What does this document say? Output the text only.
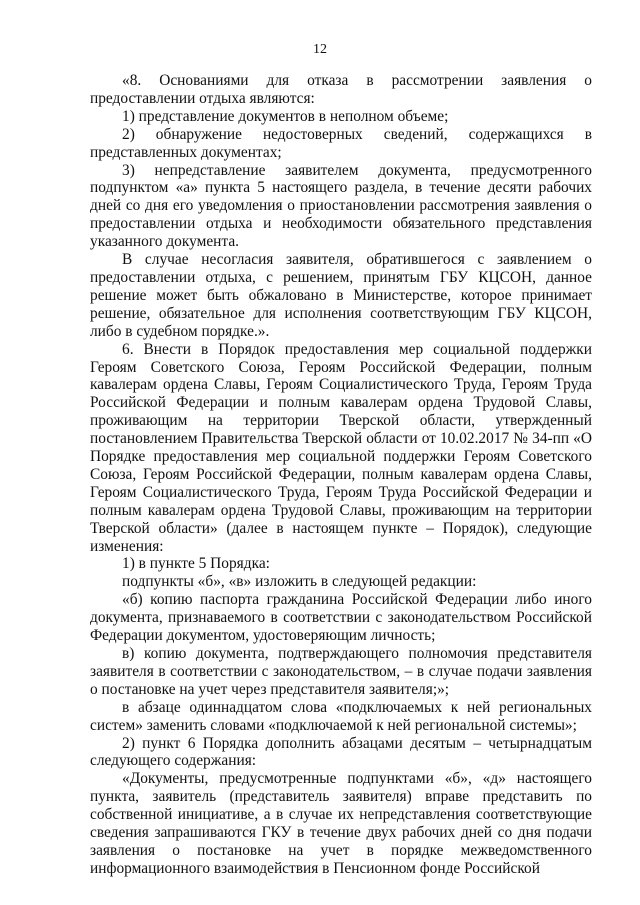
12

«8. Основаниями для отказа в рассмотрении заявления о предоставлении отдыха являются:

1) представление документов в неполном объеме;

2) обнаружение недостоверных сведений, содержащихся в представленных документах;

3) непредставление заявителем документа, предусмотренного подпунктом «а» пункта 5 настоящего раздела, в течение десяти рабочих дней со дня его уведомления о приостановлении рассмотрения заявления о предоставлении отдыха и необходимости обязательного представления указанного документа.

В случае несогласия заявителя, обратившегося с заявлением о предоставлении отдыха, с решением, принятым ГБУ КЦСОН, данное решение может быть обжаловано в Министерстве, которое принимает решение, обязательное для исполнения соответствующим ГБУ КЦСОН, либо в судебном порядке.».

6. Внести в Порядок предоставления мер социальной поддержки Героям Советского Союза, Героям Российской Федерации, полным кавалерам ордена Славы, Героям Социалистического Труда, Героям Труда Российской Федерации и полным кавалерам ордена Трудовой Славы, проживающим на территории Тверской области, утвержденный постановлением Правительства Тверской области от 10.02.2017 № 34-пп «О Порядке предоставления мер социальной поддержки Героям Советского Союза, Героям Российской Федерации, полным кавалерам ордена Славы, Героям Социалистического Труда, Героям Труда Российской Федерации и полным кавалерам ордена Трудовой Славы, проживающим на территории Тверской области» (далее в настоящем пункте – Порядок), следующие изменения:

1) в пункте 5 Порядка:

подпункты «б», «в» изложить в следующей редакции:

«б) копию паспорта гражданина Российской Федерации либо иного документа, признаваемого в соответствии с законодательством Российской Федерации документом, удостоверяющим личность;

в) копию документа, подтверждающего полномочия представителя заявителя в соответствии с законодательством, – в случае подачи заявления о постановке на учет через представителя заявителя;»;

в абзаце одиннадцатом слова «подключаемых к ней региональных систем» заменить словами «подключаемой к ней региональной системы»;

2) пункт 6 Порядка дополнить абзацами десятым – четырнадцатым следующего содержания:

«Документы, предусмотренные подпунктами «б», «д» настоящего пункта, заявитель (представитель заявителя) вправе представить по собственной инициативе, а в случае их непредставления соответствующие сведения запрашиваются ГКУ в течение двух рабочих дней со дня подачи заявления о постановке на учет в порядке межведомственного информационного взаимодействия в Пенсионном фонде Российской
